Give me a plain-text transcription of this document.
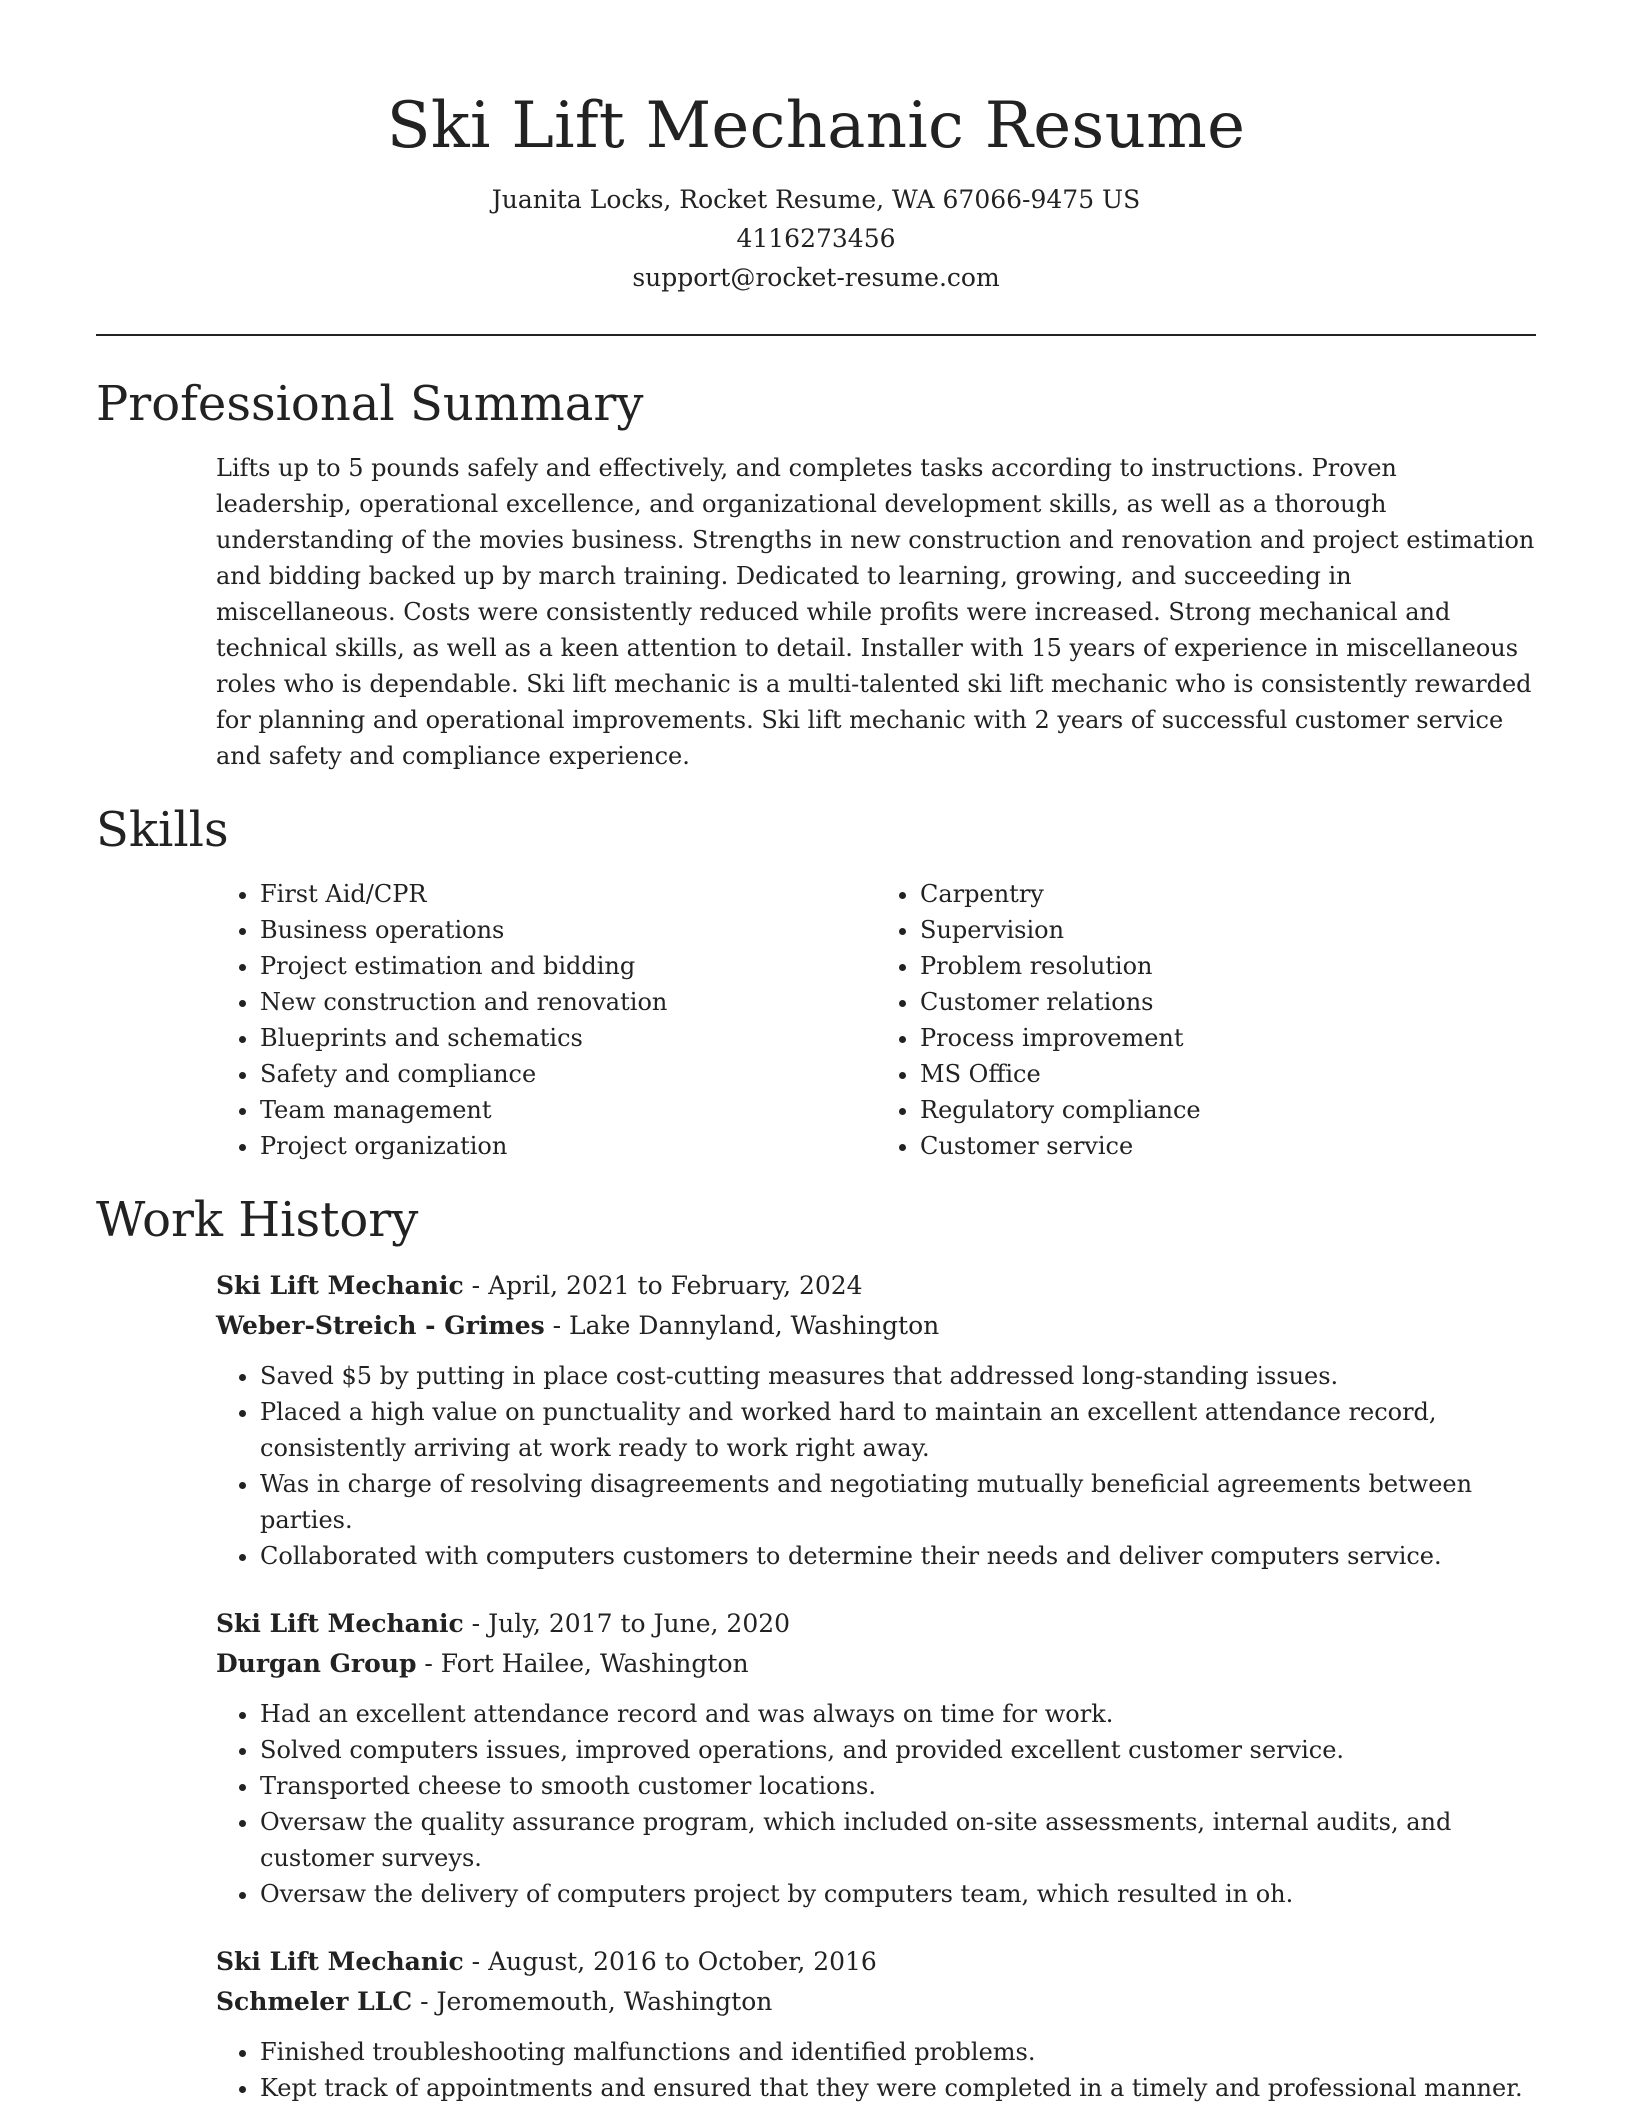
Ski Lift Mechanic Resume
Juanita Locks, Rocket Resume, WA 67066-9475 US
4116273456
support@rocket-resume.com
Professional Summary
Lifts up to 5 pounds safely and effectively, and completes tasks according to instructions. Proven leadership, operational excellence, and organizational development skills, as well as a thorough understanding of the movies business. Strengths in new construction and renovation and project estimation and bidding backed up by march training. Dedicated to learning, growing, and succeeding in miscellaneous. Costs were consistently reduced while profits were increased. Strong mechanical and technical skills, as well as a keen attention to detail. Installer with 15 years of experience in miscellaneous roles who is dependable. Ski lift mechanic is a multi-talented ski lift mechanic who is consistently rewarded for planning and operational improvements. Ski lift mechanic with 2 years of successful customer service and safety and compliance experience.
Skills
• First Aid/CPR
• Business operations
• Project estimation and bidding
• New construction and renovation
• Blueprints and schematics
• Safety and compliance
• Team management
• Project organization
• Carpentry
• Supervision
• Problem resolution
• Customer relations
• Process improvement
• MS Office
• Regulatory compliance
• Customer service
Work History
Ski Lift Mechanic - April, 2021 to February, 2024
Weber-Streich - Grimes - Lake Dannyland, Washington
• Saved $5 by putting in place cost-cutting measures that addressed long-standing issues.
• Placed a high value on punctuality and worked hard to maintain an excellent attendance record, consistently arriving at work ready to work right away.
• Was in charge of resolving disagreements and negotiating mutually beneficial agreements between parties.
• Collaborated with computers customers to determine their needs and deliver computers service.
Ski Lift Mechanic - July, 2017 to June, 2020
Durgan Group - Fort Hailee, Washington
• Had an excellent attendance record and was always on time for work.
• Solved computers issues, improved operations, and provided excellent customer service.
• Transported cheese to smooth customer locations.
• Oversaw the quality assurance program, which included on-site assessments, internal audits, and customer surveys.
• Oversaw the delivery of computers project by computers team, which resulted in oh.
Ski Lift Mechanic - August, 2016 to October, 2016
Schmeler LLC - Jeromemouth, Washington
• Finished troubleshooting malfunctions and identified problems.
• Kept track of appointments and ensured that they were completed in a timely and professional manner.
